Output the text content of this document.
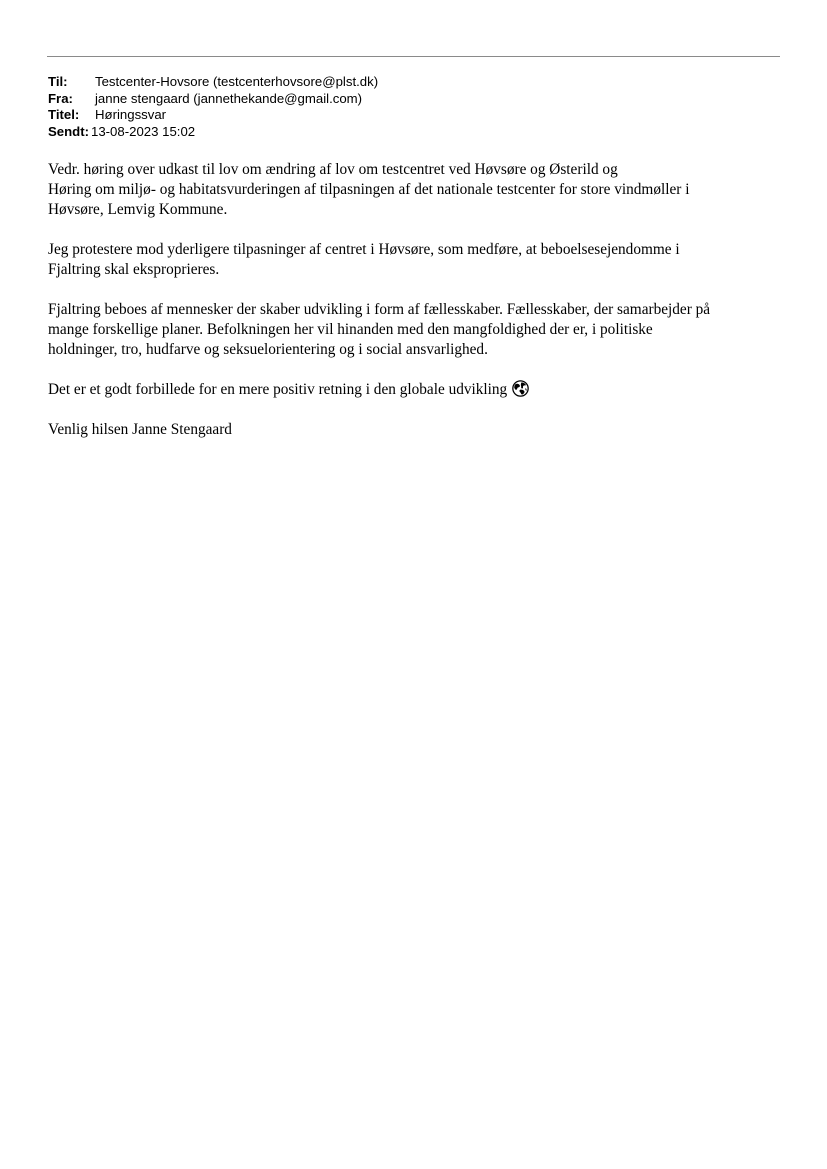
Til:	Testcenter-Hovsore (testcenterhovsore@plst.dk)
Fra:	janne stengaard (jannethekande@gmail.com)
Titel:	Høringssvar
Sendt: 13-08-2023 15:02

Vedr. høring over udkast til lov om ændring af lov om testcentret ved Høvsøre og Østerild og
Høring om miljø- og habitatsvurderingen af tilpasningen af det nationale testcenter for store vindmøller i
Høvsøre, Lemvig Kommune.

Jeg protestere mod yderligere tilpasninger af centret i Høvsøre, som medføre, at beboelsesejendomme i
Fjaltring skal eksproprieres.

Fjaltring beboes af mennesker der skaber udvikling i form af fællesskaber. Fællesskaber, der samarbejder på
mange forskellige planer. Befolkningen her vil hinanden med den mangfoldighed der er, i politiske
holdninger, tro, hudfarve og seksuelorientering og i social ansvarlighed.

Det er et godt forbillede for en mere positiv retning i den globale udvikling

Venlig hilsen Janne Stengaard
